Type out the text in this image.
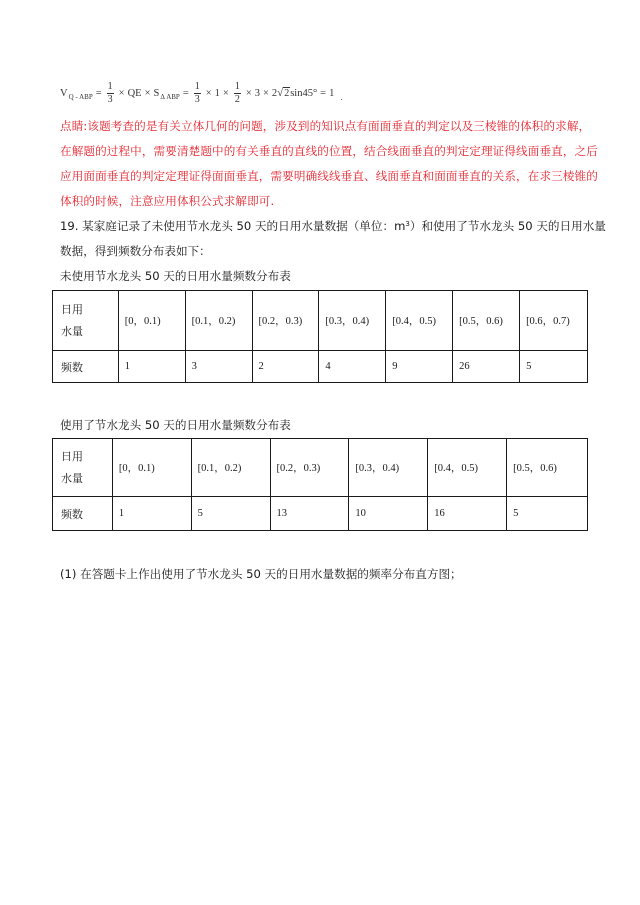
V Q - ABP = $\frac{1}{3}$ × QE × S Δ ABP = $\frac{1}{3} \times 1 \times \frac{1}{2} \times 3 \times 2$ √ 2 sin45° = 1 .
点睛:该题考查的是有关立体几何的问题，涉及到的知识点有面面垂直的判定以及三棱锥的体积的求解，
在解题的过程中，需要清楚题中的有关垂直的直线的位置，结合线面垂直的判定定理证得线面垂直，之后
应用面面垂直的判定定理证得面面垂直，需要明确线线垂直、线面垂直和面面垂直的关系，在求三棱锥的
体积的时候，注意应用体积公式求解即可.
19. 某家庭记录了未使用节水龙头 50 天的日用水量数据（单位：$m^3$）和使用了节水龙头 50 天的日用水量
数据，得到频数分布表如下：
未使用节水龙头 50 天的日用水量频数分布表
日用
水量	[0，0.1)	[0.1，0.2)	[0.2，0.3)	[0.3，0.4)	[0.4，0.5)	[0.5，0.6)	[0.6，0.7)
频数	1	3	2	4	9	26	5
使用了节水龙头 50 天的日用水量频数分布表
日用
水量	[0，0.1)	[0.1，0.2)	[0.2，0.3)	[0.3，0.4)	[0.4，0.5)	[0.5，0.6)
频数	1	5	13	10	16	5
(1) 在答题卡上作出使用了节水龙头 50 天的日用水量数据的频率分布直方图；
